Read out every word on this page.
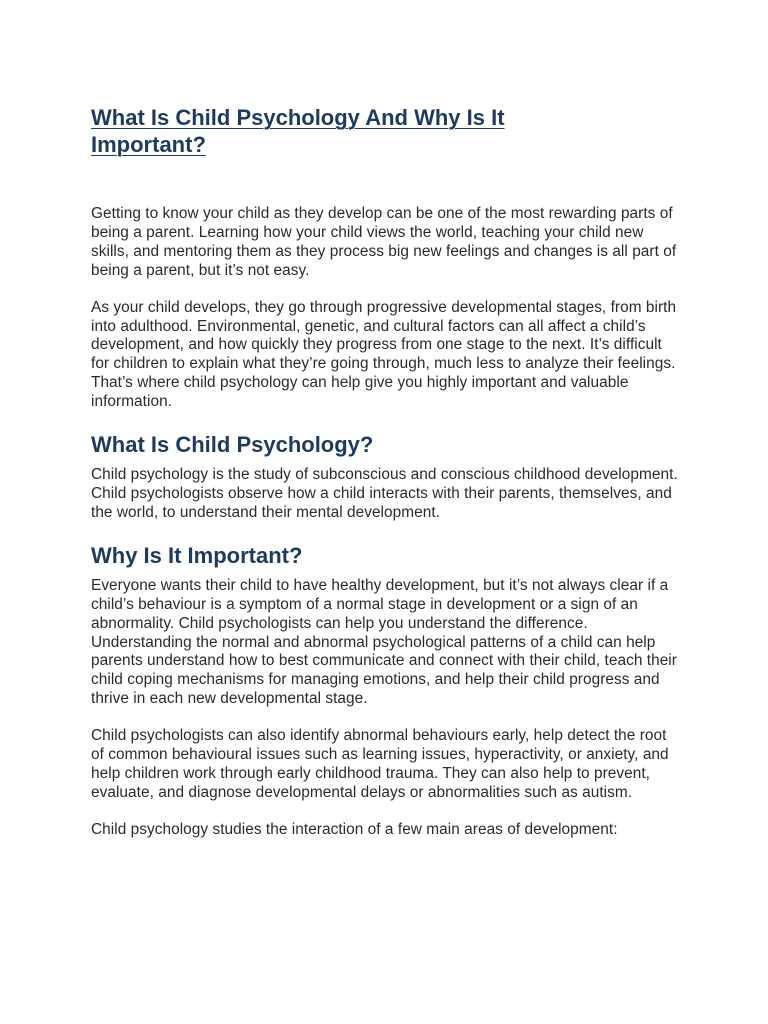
What Is Child Psychology And Why Is It Important?

Getting to know your child as they develop can be one of the most rewarding parts of being a parent. Learning how your child views the world, teaching your child new skills, and mentoring them as they process big new feelings and changes is all part of being a parent, but it’s not easy.

As your child develops, they go through progressive developmental stages, from birth into adulthood. Environmental, genetic, and cultural factors can all affect a child’s development, and how quickly they progress from one stage to the next. It’s difficult for children to explain what they’re going through, much less to analyze their feelings. That’s where child psychology can help give you highly important and valuable information.

What Is Child Psychology?

Child psychology is the study of subconscious and conscious childhood development. Child psychologists observe how a child interacts with their parents, themselves, and the world, to understand their mental development.

Why Is It Important?

Everyone wants their child to have healthy development, but it’s not always clear if a child’s behaviour is a symptom of a normal stage in development or a sign of an abnormality. Child psychologists can help you understand the difference. Understanding the normal and abnormal psychological patterns of a child can help parents understand how to best communicate and connect with their child, teach their child coping mechanisms for managing emotions, and help their child progress and thrive in each new developmental stage.

Child psychologists can also identify abnormal behaviours early, help detect the root of common behavioural issues such as learning issues, hyperactivity, or anxiety, and help children work through early childhood trauma. They can also help to prevent, evaluate, and diagnose developmental delays or abnormalities such as autism.

Child psychology studies the interaction of a few main areas of development:
